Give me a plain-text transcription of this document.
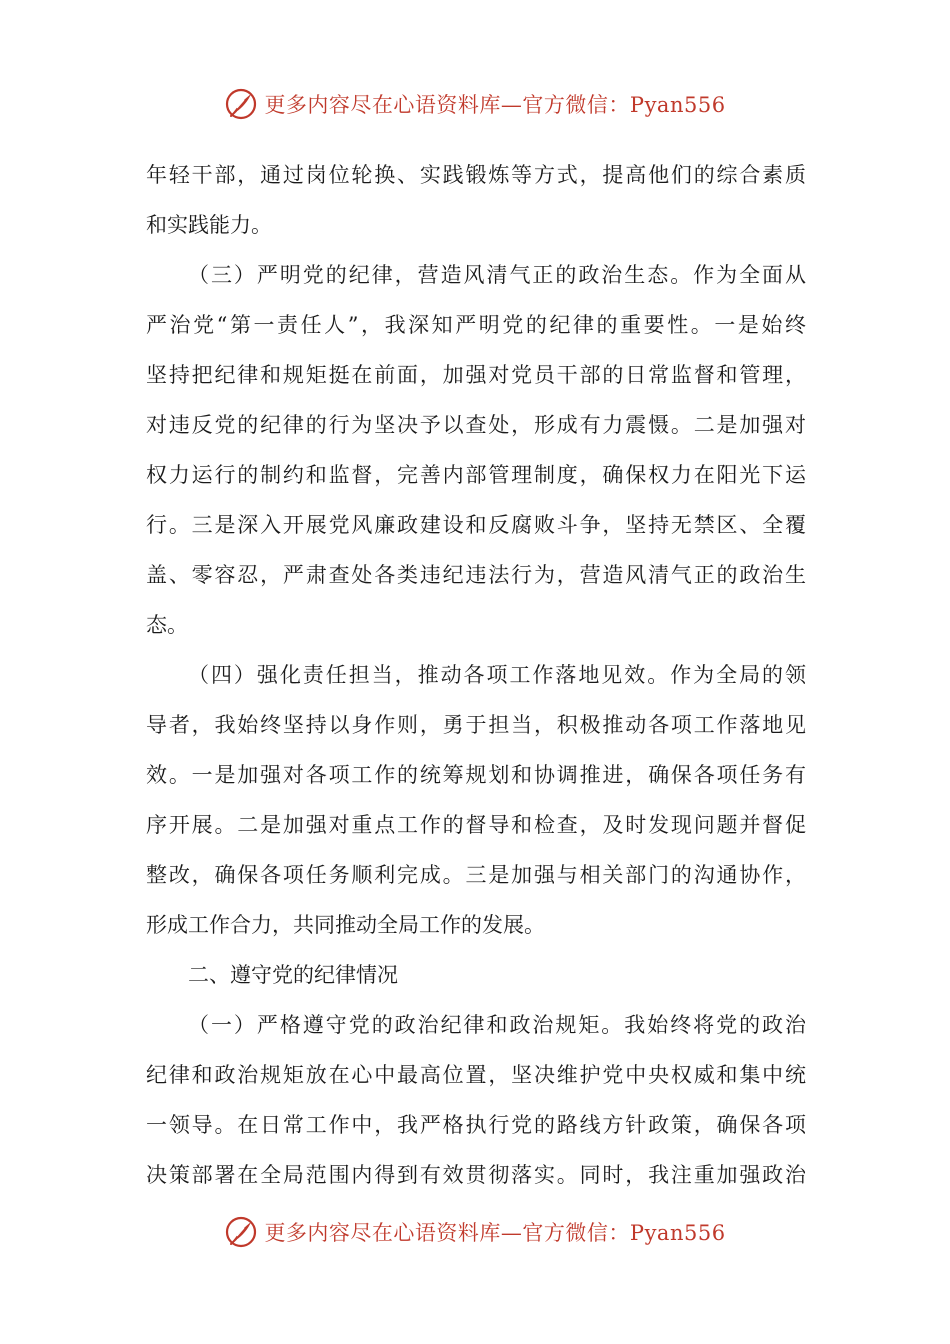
更多内容尽在心语资料库—官方微信：Pyan556
年轻干部，通过岗位轮换、实践锻炼等方式，提高他们的综合素质
和实践能力。
（三）严明党的纪律，营造风清气正的政治生态。作为全面从
严治党“第一责任人”，我深知严明党的纪律的重要性。一是始终
坚持把纪律和规矩挺在前面，加强对党员干部的日常监督和管理，
对违反党的纪律的行为坚决予以查处，形成有力震慑。二是加强对
权力运行的制约和监督，完善内部管理制度，确保权力在阳光下运
行。三是深入开展党风廉政建设和反腐败斗争，坚持无禁区、全覆
盖、零容忍，严肃查处各类违纪违法行为，营造风清气正的政治生
态。
（四）强化责任担当，推动各项工作落地见效。作为全局的领
导者，我始终坚持以身作则，勇于担当，积极推动各项工作落地见
效。一是加强对各项工作的统筹规划和协调推进，确保各项任务有
序开展。二是加强对重点工作的督导和检查，及时发现问题并督促
整改，确保各项任务顺利完成。三是加强与相关部门的沟通协作，
形成工作合力，共同推动全局工作的发展。
二、遵守党的纪律情况
（一）严格遵守党的政治纪律和政治规矩。我始终将党的政治
纪律和政治规矩放在心中最高位置，坚决维护党中央权威和集中统
一领导。在日常工作中，我严格执行党的路线方针政策，确保各项
决策部署在全局范围内得到有效贯彻落实。同时，我注重加强政治
更多内容尽在心语资料库—官方微信：Pyan556
